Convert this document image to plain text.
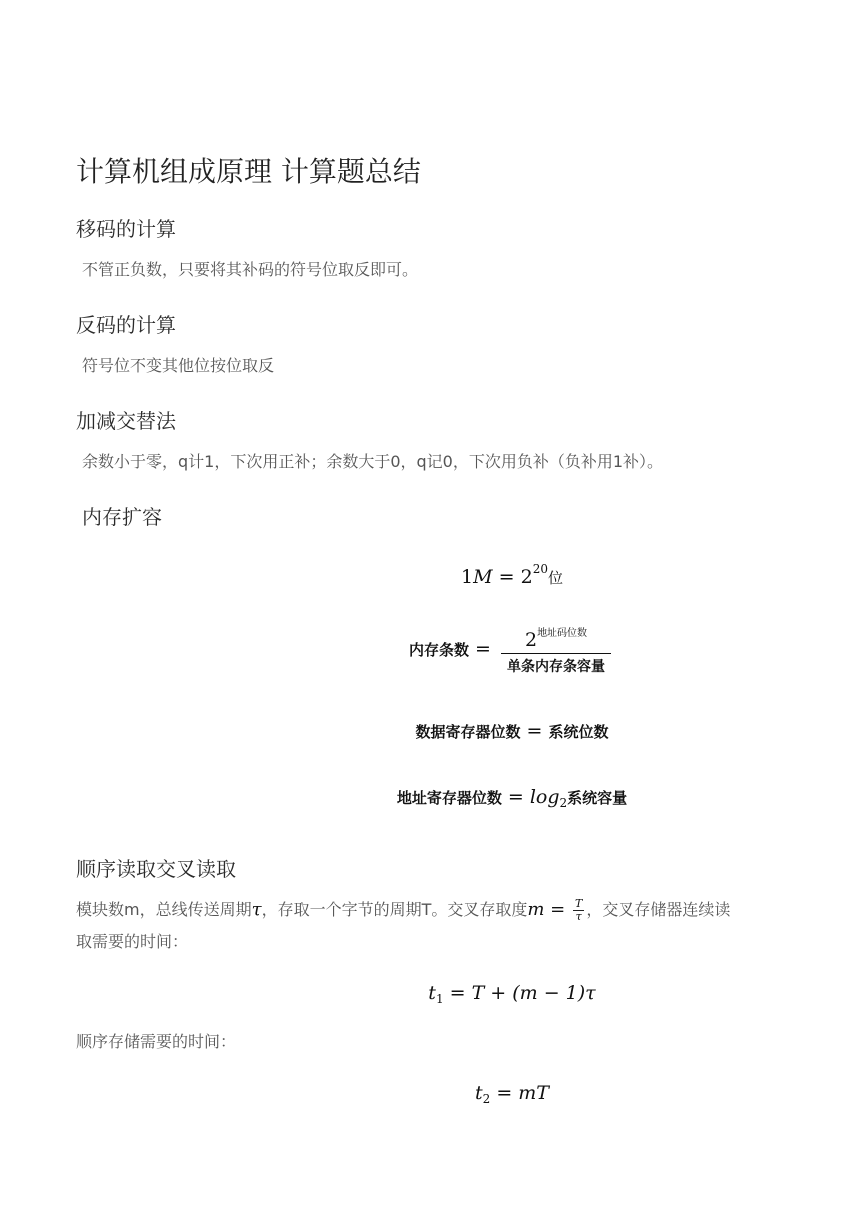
计算机组成原理 计算题总结
移码的计算
不管正负数，只要将其补码的符号位取反即可。
反码的计算
符号位不变其他位按位取反
加减交替法
余数小于零，q计1，下次用正补；余数大于0，q记0，下次用负补（负补用1补）。
内存扩容
$1M = 2^{20}$位
内存条数 = $\frac{2^{地址码位数}}{\text{单条内存条容量}}$
数据寄存器位数 = 系统位数
地址寄存器位数 = $\log_2$系统容量
顺序读取交叉读取
模块数m，总线传送周期τ，存取一个字节的周期T。交叉存取度$m = \frac{T}{\tau}$ ，交叉存储器连续读
取需要的时间：
$t_1 = T + (m - 1)\tau$
顺序存储需要的时间：
$t_2$ = mT
